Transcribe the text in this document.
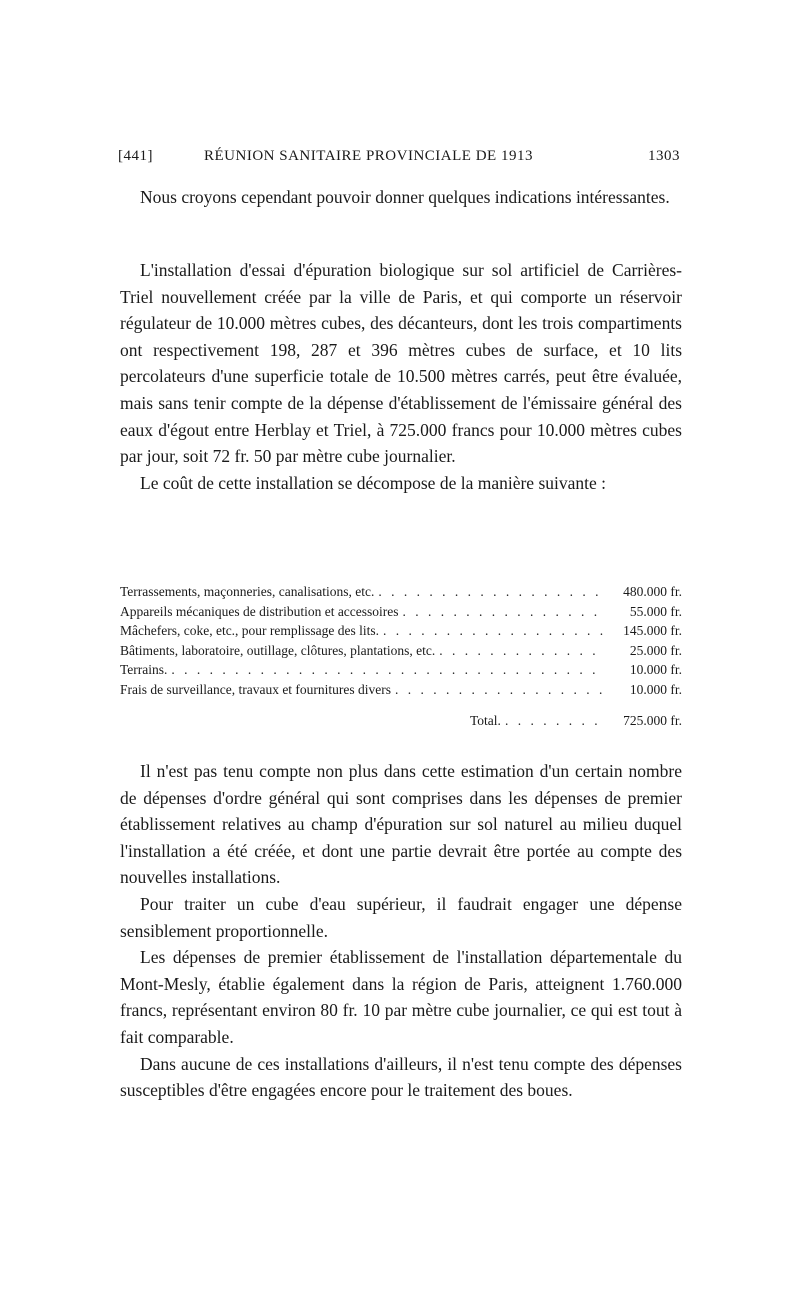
[441]	RÉUNION SANITAIRE PROVINCIALE DE 1913	1303

Nous croyons cependant pouvoir donner quelques indications intéressantes.

L'installation d'essai d'épuration biologique sur sol artificiel de Carrières-Triel nouvellement créée par la ville de Paris, et qui comporte un réservoir régulateur de 10.000 mètres cubes, des décanteurs, dont les trois compartiments ont respectivement 198, 287 et 396 mètres cubes de surface, et 10 lits percolateurs d'une superficie totale de 10.500 mètres carrés, peut être évaluée, mais sans tenir compte de la dépense d'établissement de l'émissaire général des eaux d'égout entre Herblay et Triel, à 725.000 francs pour 10.000 mètres cubes par jour, soit 72 fr. 50 par mètre cube journalier.

Le coût de cette installation se décompose de la manière suivante :

Terrassements, maçonneries, canalisations, etc. . . .	480.000 fr.
Appareils mécaniques de distribution et accessoires . . .	55.000 fr.
Mâchefers, coke, etc., pour remplissage des lits. . . .	145.000 fr.
Bâtiments, laboratoire, outillage, clôtures, plantations, etc. . . .	25.000 fr.
Terrains. . . .	10.000 fr.
Frais de surveillance, travaux et fournitures divers . . .	10.000 fr.
Total. . . .	725.000 fr.

Il n'est pas tenu compte non plus dans cette estimation d'un certain nombre de dépenses d'ordre général qui sont comprises dans les dépenses de premier établissement relatives au champ d'épuration sur sol naturel au milieu duquel l'installation a été créée, et dont une partie devrait être portée au compte des nouvelles installations.

Pour traiter un cube d'eau supérieur, il faudrait engager une dépense sensiblement proportionnelle.

Les dépenses de premier établissement de l'installation départementale du Mont-Mesly, établie également dans la région de Paris, atteignent 1.760.000 francs, représentant environ 80 fr. 10 par mètre cube journalier, ce qui est tout à fait comparable.

Dans aucune de ces installations d'ailleurs, il n'est tenu compte des dépenses susceptibles d'être engagées encore pour le traitement des boues.
